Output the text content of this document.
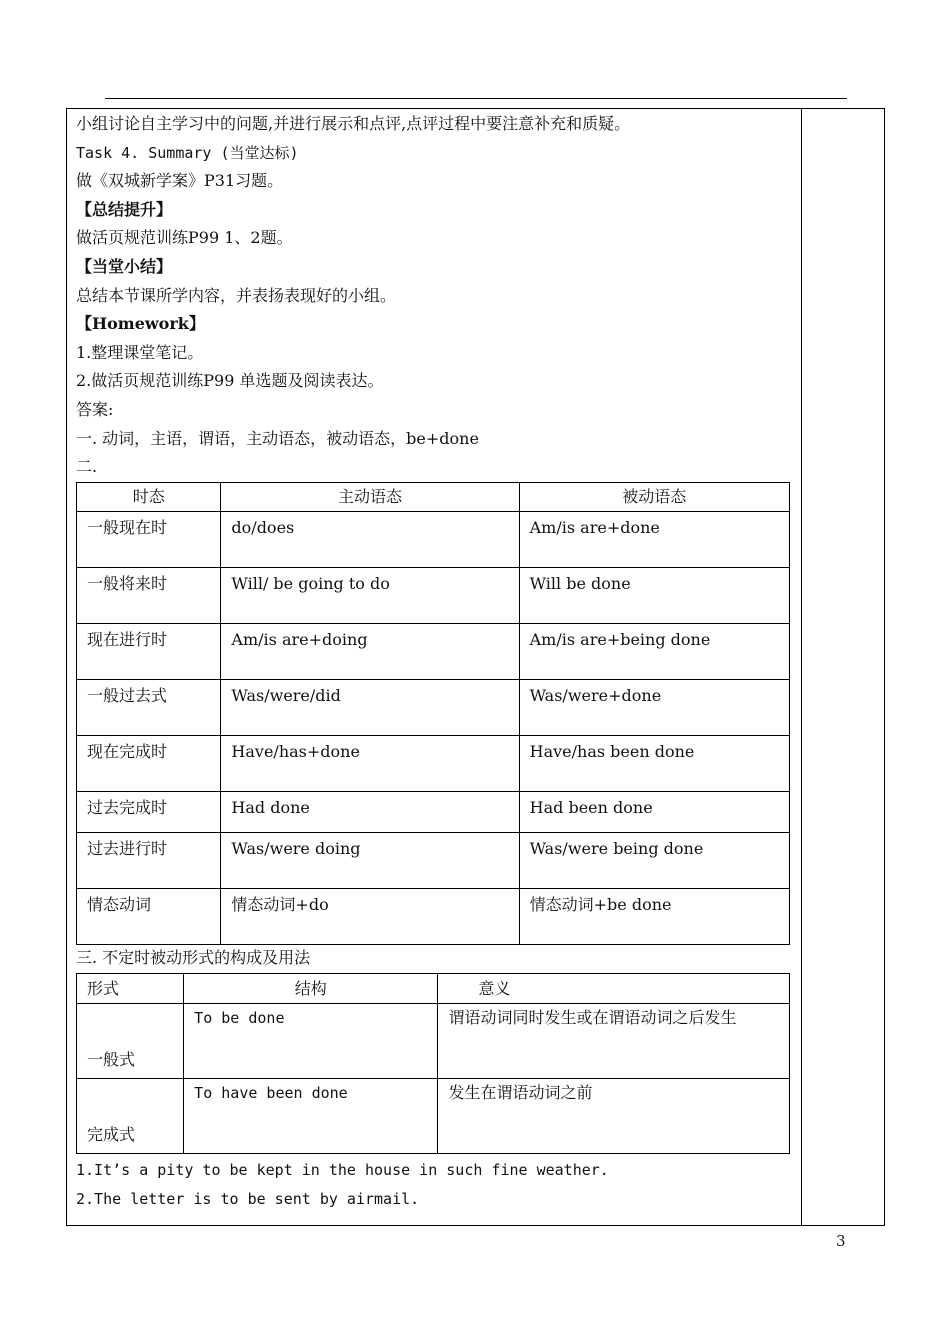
小组讨论自主学习中的问题,并进行展示和点评,点评过程中要注意补充和质疑。
Task 4. Summary (当堂达标)
做《双城新学案》P31习题。
【总结提升】
做活页规范训练P99 1、2题。
【当堂小结】
总结本节课所学内容，并表扬表现好的小组。
【Homework】
1.整理课堂笔记。
2.做活页规范训练P99 单选题及阅读表达。
答案:
一. 动词，主语，谓语，主动语态，被动语态，be+done
二.
时态	主动语态	被动语态
一般现在时	do/does	Am/is are+done
一般将来时	Will/ be going to do	Will be done
现在进行时	Am/is are+doing	Am/is are+being done
一般过去式	Was/were/did	Was/were+done
现在完成时	Have/has+done	Have/has been done
过去完成时	Had done	Had been done
过去进行时	Was/were doing	Was/were being done
情态动词	情态动词+do	情态动词+be done
三. 不定时被动形式的构成及用法
形式	结构	意义
一般式	To be done	谓语动词同时发生或在谓语动词之后发生
完成式	To have been done	发生在谓语动词之前
1.It’s a pity to be kept in the house in such fine weather.
2.The letter is to be sent by airmail.
3
